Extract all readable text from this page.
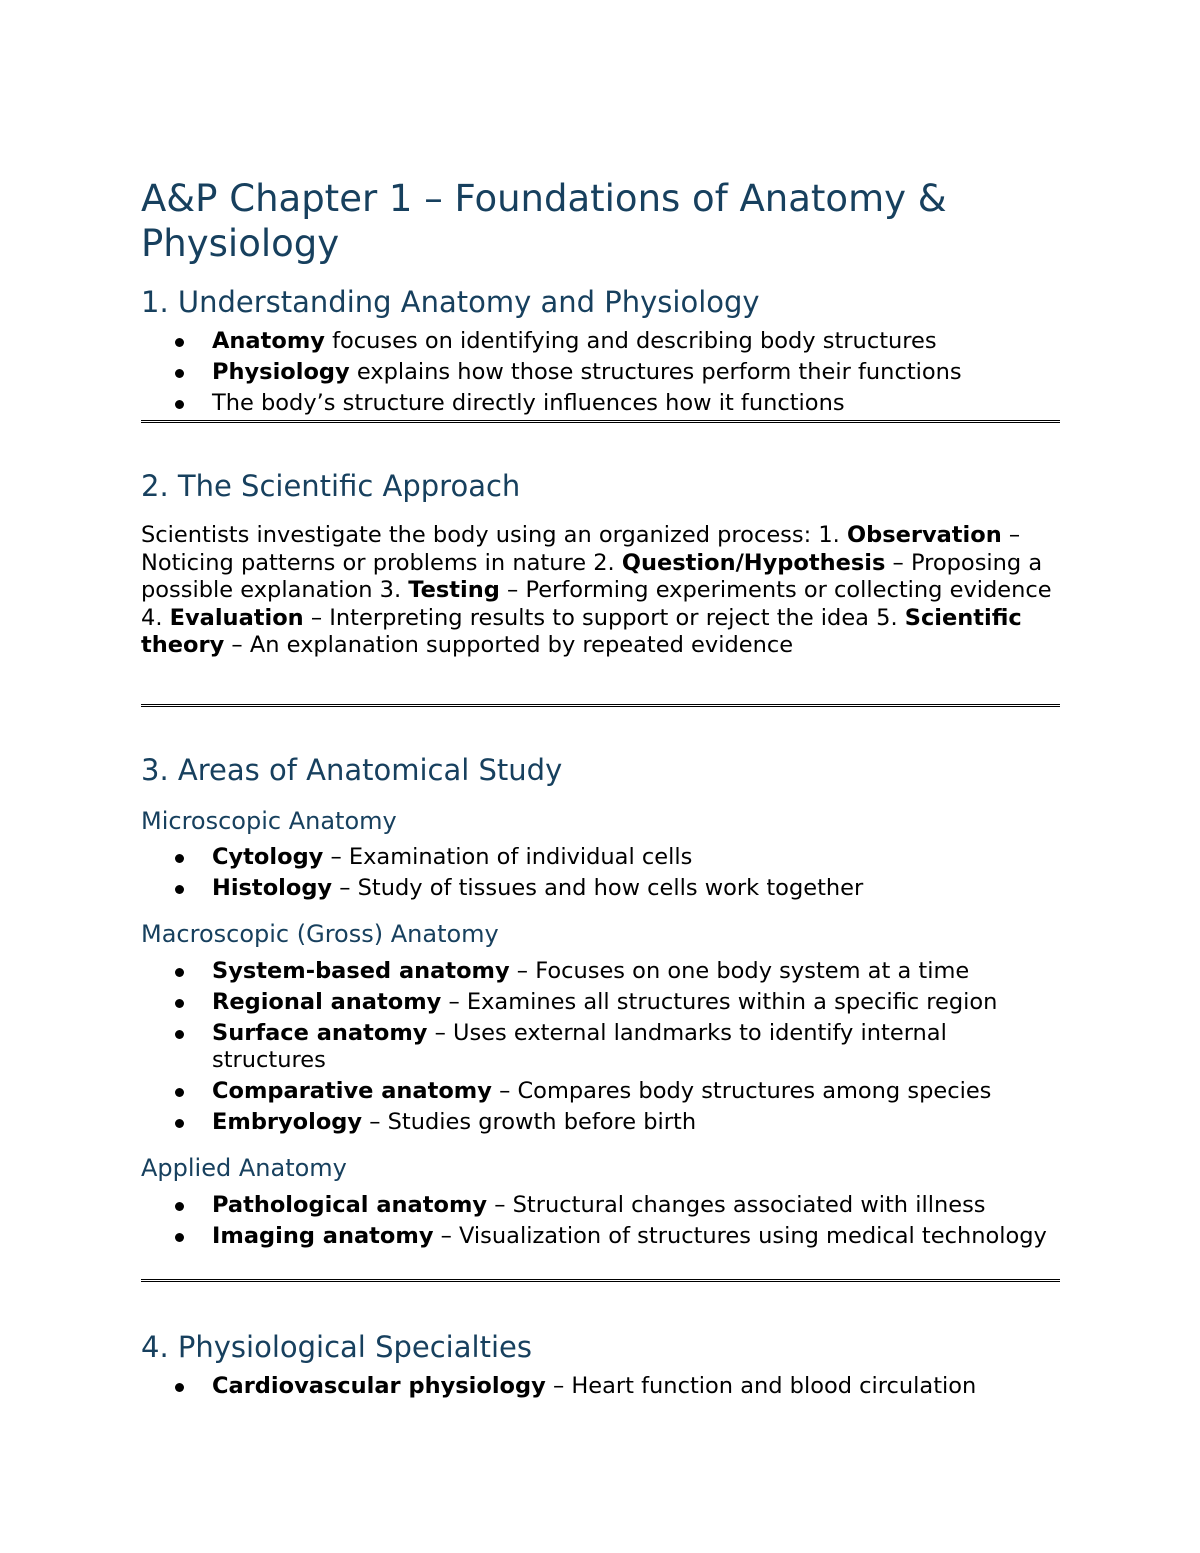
A&P Chapter 1 – Foundations of Anatomy & Physiology
1. Understanding Anatomy and Physiology
Anatomy focuses on identifying and describing body structures
Physiology explains how those structures perform their functions
The body’s structure directly influences how it functions
2. The Scientific Approach

Scientists investigate the body using an organized process: 1. Observation – Noticing patterns or problems in nature 2. Question/Hypothesis – Proposing a possible explanation 3. Testing – Performing experiments or collecting evidence 4. Evaluation – Interpreting results to support or reject the idea 5. Scientific theory – An explanation supported by repeated evidence

3. Areas of Anatomical Study
Microscopic Anatomy
Cytology – Examination of individual cells
Histology – Study of tissues and how cells work together
Macroscopic (Gross) Anatomy
System-based anatomy – Focuses on one body system at a time
Regional anatomy – Examines all structures within a specific region
Surface anatomy – Uses external landmarks to identify internal structures
Comparative anatomy – Compares body structures among species
Embryology – Studies growth before birth
Applied Anatomy
Pathological anatomy – Structural changes associated with illness
Imaging anatomy – Visualization of structures using medical technology
4. Physiological Specialties
Cardiovascular physiology – Heart function and blood circulation
